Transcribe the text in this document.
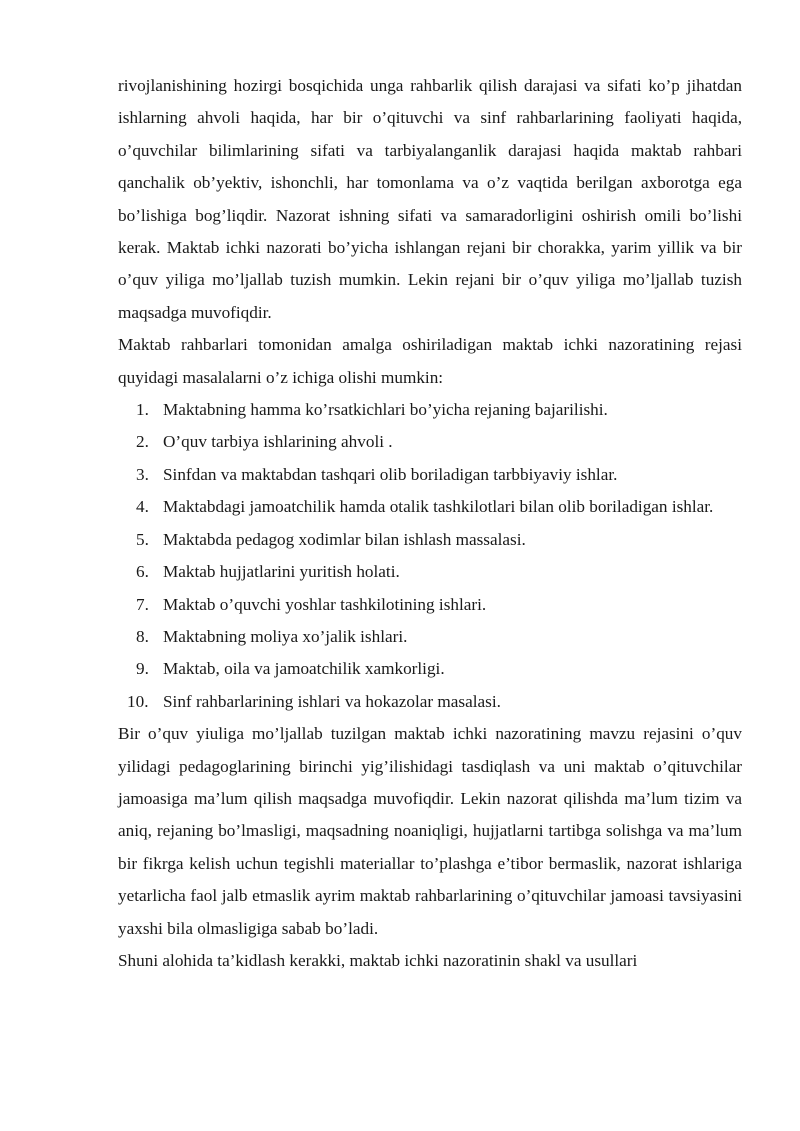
rivojlanishining hozirgi bosqichida unga rahbarlik qilish darajasi va sifati ko’p jihatdan ishlarning ahvoli haqida, har bir o’qituvchi va sinf rahbarlarining faoliyati haqida, o’quvchilar bilimlarining sifati va tarbiyalanganlik darajasi haqida maktab rahbari qanchalik ob’yektiv, ishonchli, har tomonlama va o’z vaqtida berilgan axborotga ega bo’lishiga bog’liqdir. Nazorat ishning sifati va samaradorligini oshirish omili bo’lishi kerak. Maktab ichki nazorati bo’yicha ishlangan rejani bir chorakka, yarim yillik va bir o’quv yiliga mo’ljallab tuzish mumkin. Lekin rejani bir o’quv yiliga mo’ljallab tuzish maqsadga muvofiqdir.

Maktab rahbarlari tomonidan amalga oshiriladigan maktab ichki nazoratining rejasi quyidagi masalalarni o’z ichiga olishi mumkin:

1. Maktabning hamma ko’rsatkichlari bo’yicha rejaning bajarilishi.
2. O’quv tarbiya ishlarining ahvoli .
3. Sinfdan va maktabdan tashqari olib boriladigan tarbbiyaviy ishlar.
4. Maktabdagi jamoatchilik hamda otalik tashkilotlari bilan olib boriladigan ishlar.
5. Maktabda pedagog xodimlar bilan ishlash massalasi.
6. Maktab hujjatlarini yuritish holati.
7. Maktab o’quvchi yoshlar tashkilotining ishlari.
8. Maktabning moliya xo’jalik ishlari.
9. Maktab, oila va jamoatchilik xamkorligi.
10. Sinf rahbarlarining ishlari va hokazolar masalasi.

Bir o’quv yiuliga mo’ljallab tuzilgan maktab ichki nazoratining mavzu rejasini o’quv yilidagi pedagoglarining birinchi yig’ilishidagi tasdiqlash va uni maktab o’qituvchilar jamoasiga ma’lum qilish maqsadga muvofiqdir. Lekin nazorat qilishda ma’lum tizim va aniq, rejaning bo’lmasligi, maqsadning noaniqligi, hujjatlarni tartibga solishga va ma’lum bir fikrga kelish uchun tegishli materiallar to’plashga e’tibor bermaslik, nazorat ishlariga yetarlicha faol jalb etmaslik ayrim maktab rahbarlarining o’qituvchilar jamoasi tavsiyasini yaxshi bila olmasligiga sabab bo’ladi.

Shuni alohida ta’kidlash kerakki, maktab ichki nazoratinin shakl va usullari
